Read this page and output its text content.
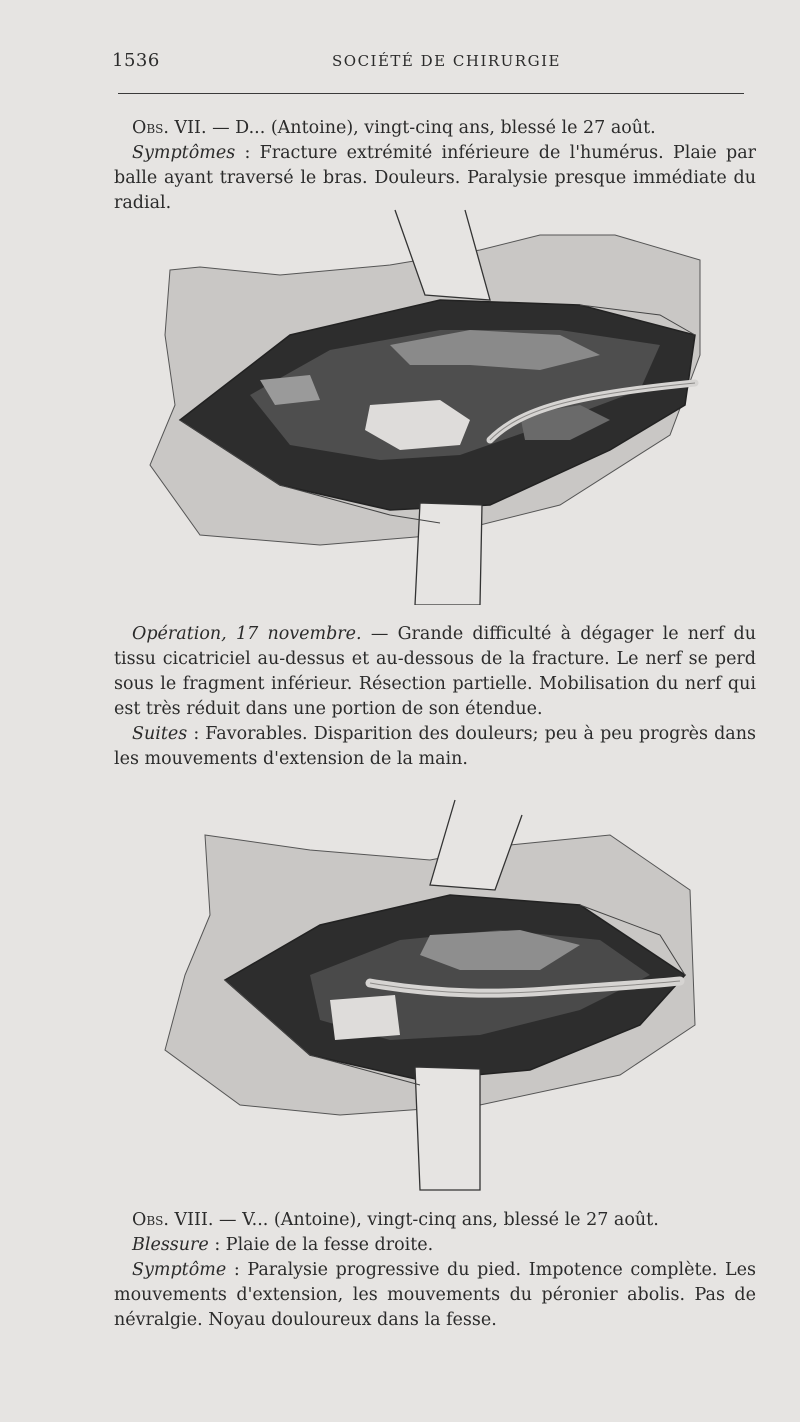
1536	SOCIÉTÉ DE CHIRURGIE

Obs. VII. — D... (Antoine), vingt-cinq ans, blessé le 27 août.

Symptômes : Fracture extrémité inférieure de l'humérus. Plaie par balle ayant traversé le bras. Douleurs. Paralysie presque immédiate du radial.

Opération, 17 novembre. — Grande difficulté à dégager le nerf du tissu cicatriciel au-dessus et au-dessous de la fracture. Le nerf se perd sous le fragment inférieur. Résection partielle. Mobilisation du nerf qui est très réduit dans une portion de son étendue.

Suites : Favorables. Disparition des douleurs; peu à peu progrès dans les mouvements d'extension de la main.

Obs. VIII. — V... (Antoine), vingt-cinq ans, blessé le 27 août.

Blessure : Plaie de la fesse droite.

Symptôme : Paralysie progressive du pied. Impotence complète. Les mouvements d'extension, les mouvements du péronier abolis. Pas de névralgie. Noyau douloureux dans la fesse.
